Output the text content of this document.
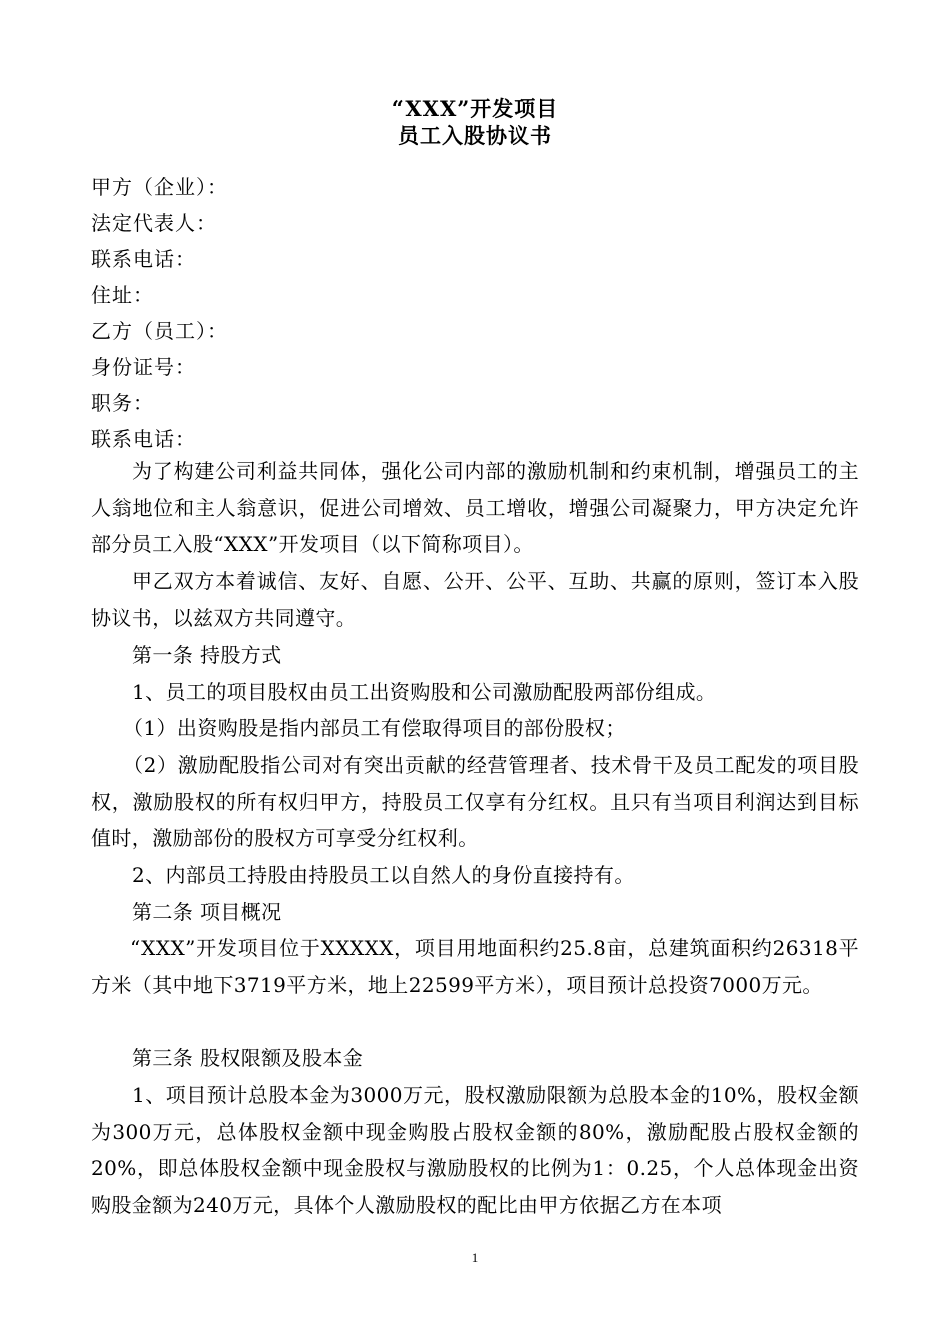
“XXX”开发项目
员工入股协议书
甲方（企业）：
法定代表人：
联系电话：
住址：
乙方（员工）：
身份证号：
职务：
联系电话：
为了构建公司利益共同体，强化公司内部的激励机制和约束机制，增强员工的主人翁地位和主人翁意识，促进公司增效、员工增收，增强公司凝聚力，甲方决定允许部分员工入股“XXX”开发项目（以下简称项目）。
甲乙双方本着诚信、友好、自愿、公开、公平、互助、共赢的原则，签订本入股协议书，以兹双方共同遵守。
第一条 持股方式
1、员工的项目股权由员工出资购股和公司激励配股两部份组成。
（1）出资购股是指内部员工有偿取得项目的部份股权；
（2）激励配股指公司对有突出贡献的经营管理者、技术骨干及员工配发的项目股权，激励股权的所有权归甲方，持股员工仅享有分红权。且只有当项目利润达到目标值时，激励部份的股权方可享受分红权利。
2、内部员工持股由持股员工以自然人的身份直接持有。
第二条 项目概况
“XXX”开发项目位于XXXXX，项目用地面积约25.8亩，总建筑面积约26318平方米（其中地下3719平方米，地上22599平方米），项目预计总投资7000万元。
第三条 股权限额及股本金
1、项目预计总股本金为3000万元，股权激励限额为总股本金的10%，股权金额为300万元，总体股权金额中现金购股占股权金额的80%，激励配股占股权金额的20%，即总体股权金额中现金股权与激励股权的比例为1：0.25，个人总体现金出资购股金额为240万元，具体个人激励股权的配比由甲方依据乙方在本项
1
